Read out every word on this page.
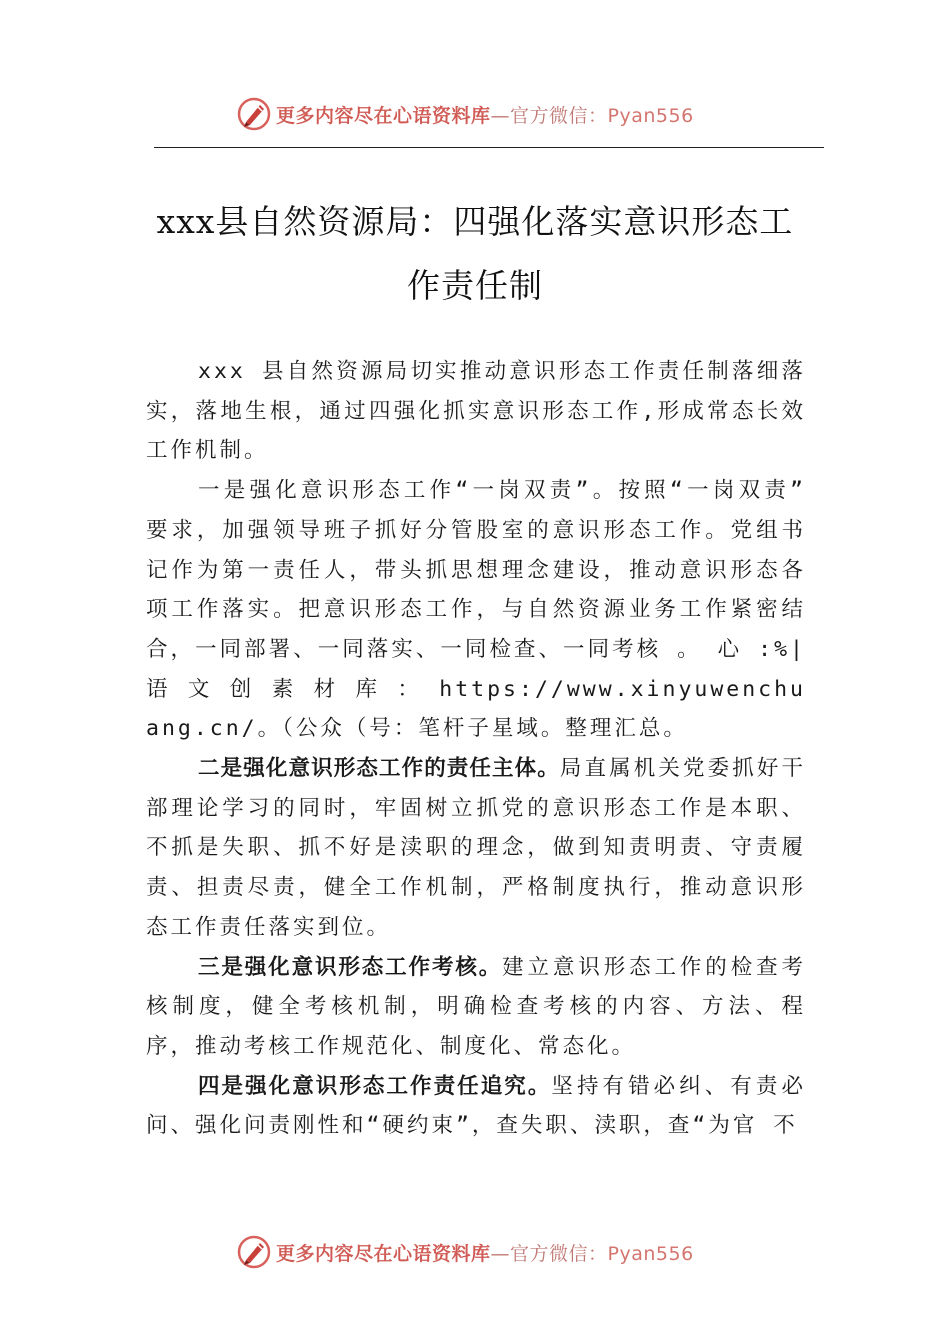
更多内容尽在心语资料库—官方微信：Pyan556
xxx县自然资源局：四强化落实意识形态工作责任制

xxx 县自然资源局切实推动意识形态工作责任制落细落实，落地生根，通过四强化抓实意识形态工作,形成常态长效工作机制。

一是强化意识形态工作“一岗双责”。按照“一岗双责” 要求，加强领导班子抓好分管股室的意识形态工作。党组书记作为第一责任人，带头抓思想理念建设，推动意识形态各项工作落实。把意识形态工作，与自然资源业务工作紧密结合，一同部署、一同落实、一同检查、一同考核 。 心 :%| 语 文 创 素 材 库 ： https://www.xinyuwenchuang.cn/。（公众（号：笔杆子星域。整理汇总。

二是强化意识形态工作的责任主体。局直属机关党委抓好干部理论学习的同时，牢固树立抓党的意识形态工作是本职、不抓是失职、抓不好是渎职的理念，做到知责明责、守责履责、担责尽责，健全工作机制，严格制度执行，推动意识形态工作责任落实到位。

三是强化意识形态工作考核。建立意识形态工作的检查考核制度，健全考核机制，明确检查考核的内容、方法、程序，推动考核工作规范化、制度化、常态化。

四是强化意识形态工作责任追究。坚持有错必纠、有责必问、强化问责刚性和“硬约束”，查失职、渎职，查“为官 不

更多内容尽在心语资料库—官方微信：Pyan556
